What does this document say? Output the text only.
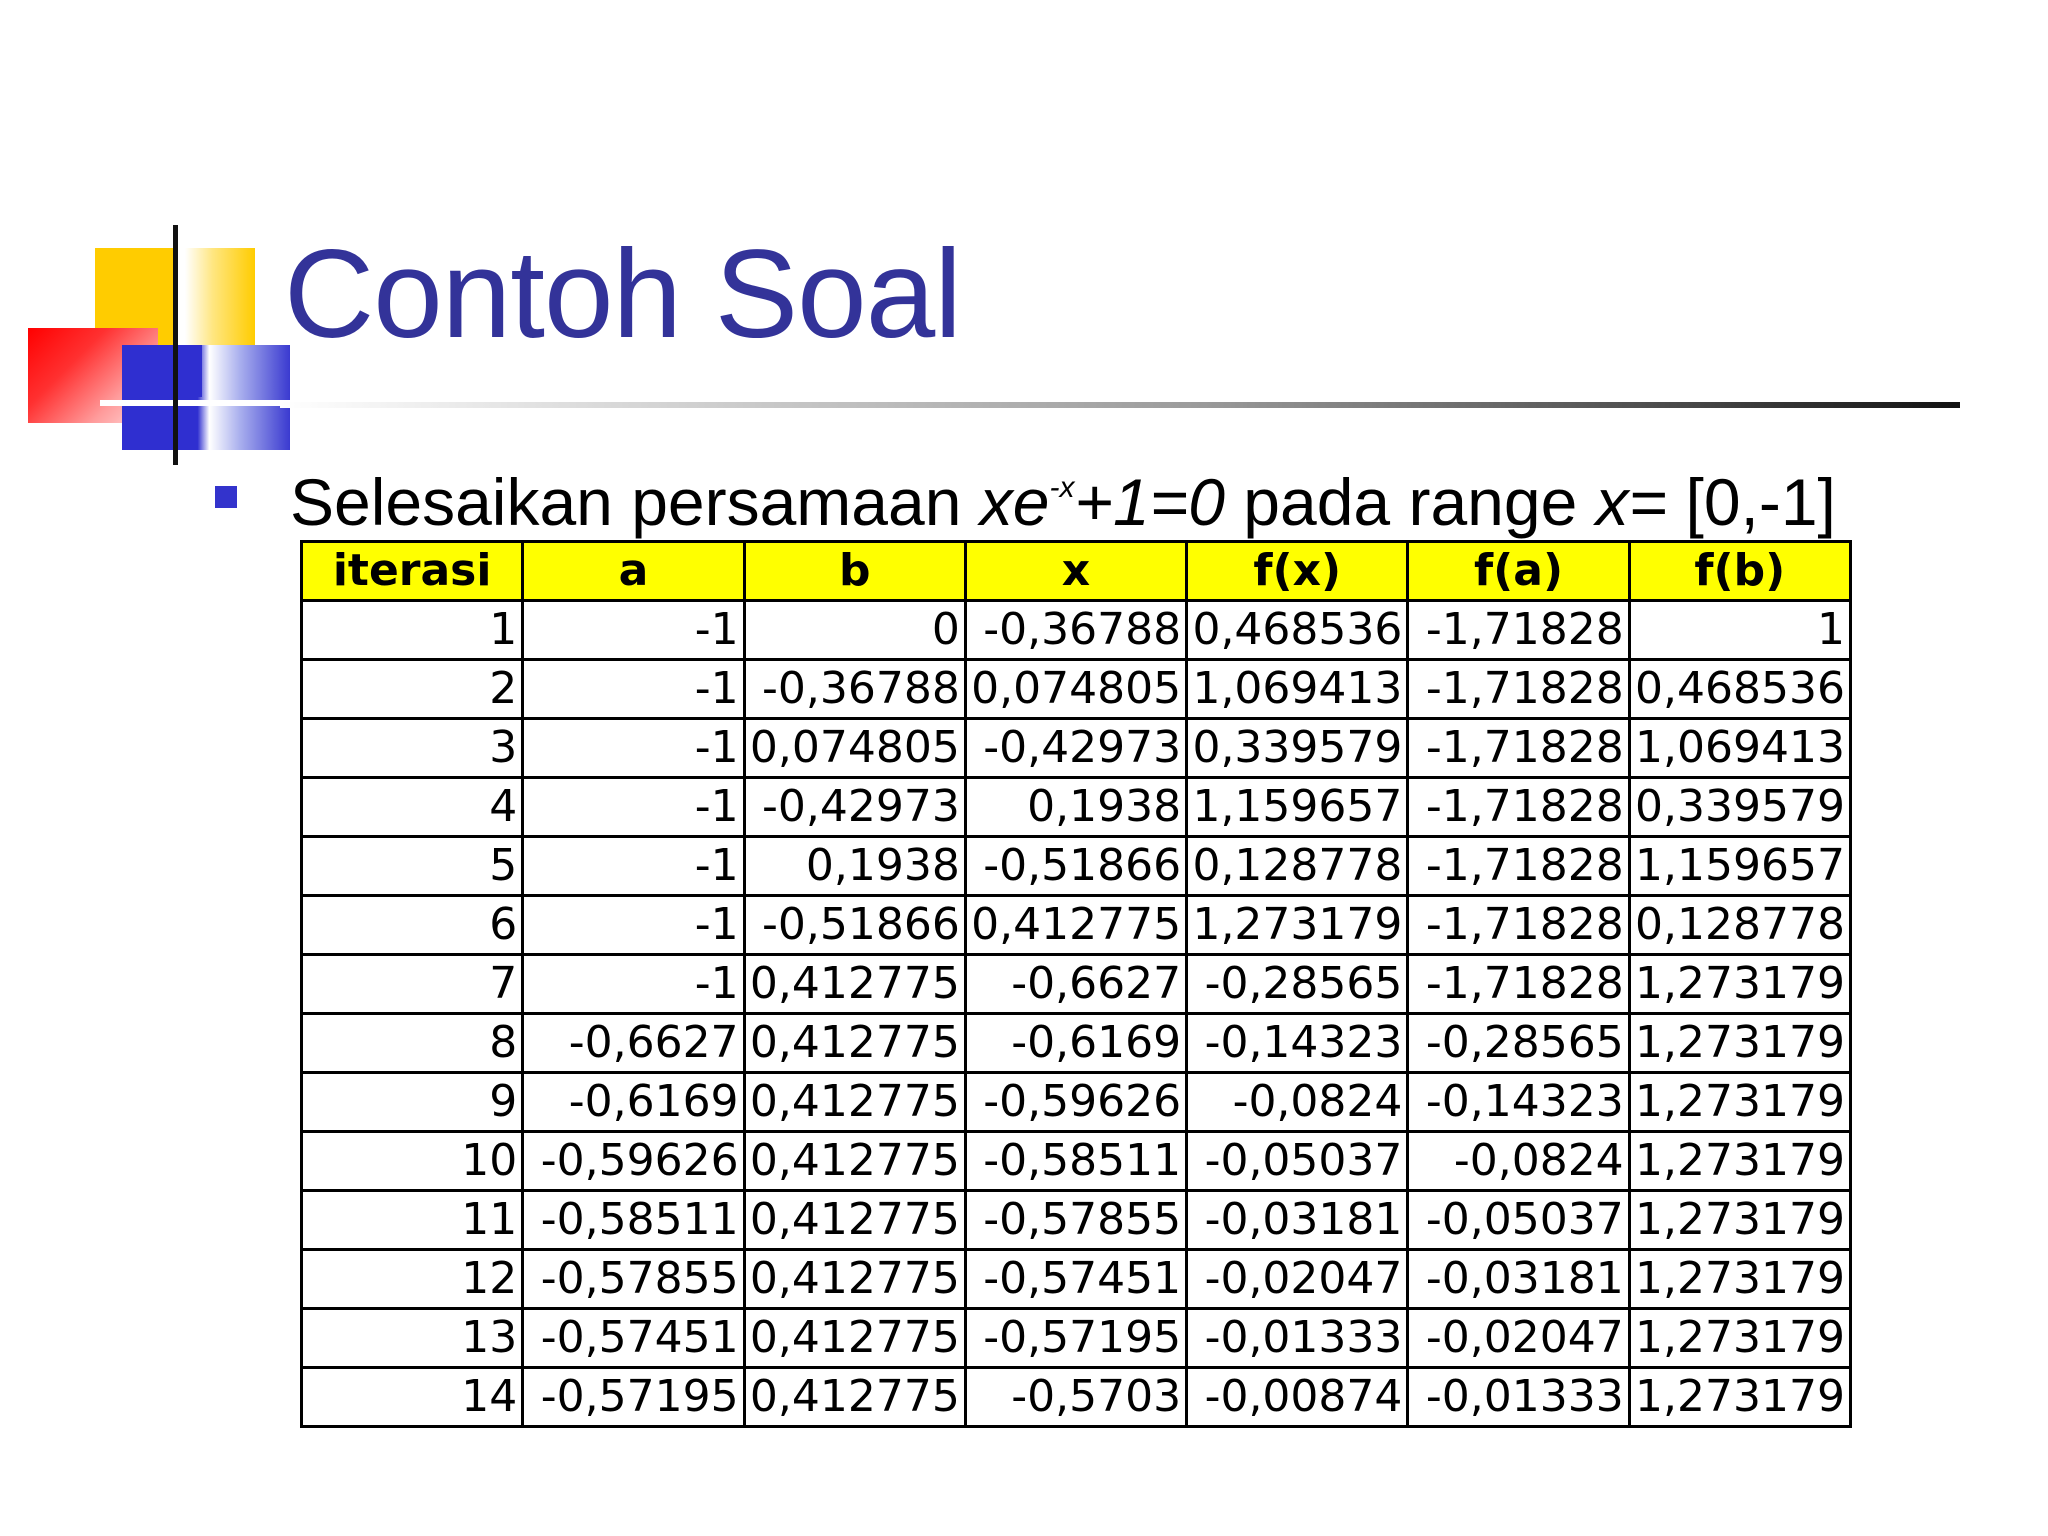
Contoh Soal
Selesaikan persamaan $xe^{-x}+1=0$ pada range x= [0,-1]
iterasi	a	b	x	f(x)	f(a)	f(b)
1	-1	0	-0,36788	0,468536	-1,71828	1
2	-1	-0,36788	0,074805	1,069413	-1,71828	0,468536
3	-1	0,074805	-0,42973	0,339579	-1,71828	1,069413
4	-1	-0,42973	0,1938	1,159657	-1,71828	0,339579
5	-1	0,1938	-0,51866	0,128778	-1,71828	1,159657
6	-1	-0,51866	0,412775	1,273179	-1,71828	0,128778
7	-1	0,412775	-0,6627	-0,28565	-1,71828	1,273179
8	-0,6627	0,412775	-0,6169	-0,14323	-0,28565	1,273179
9	-0,6169	0,412775	-0,59626	-0,0824	-0,14323	1,273179
10	-0,59626	0,412775	-0,58511	-0,05037	-0,0824	1,273179
11	-0,58511	0,412775	-0,57855	-0,03181	-0,05037	1,273179
12	-0,57855	0,412775	-0,57451	-0,02047	-0,03181	1,273179
13	-0,57451	0,412775	-0,57195	-0,01333	-0,02047	1,273179
14	-0,57195	0,412775	-0,5703	-0,00874	-0,01333	1,273179
